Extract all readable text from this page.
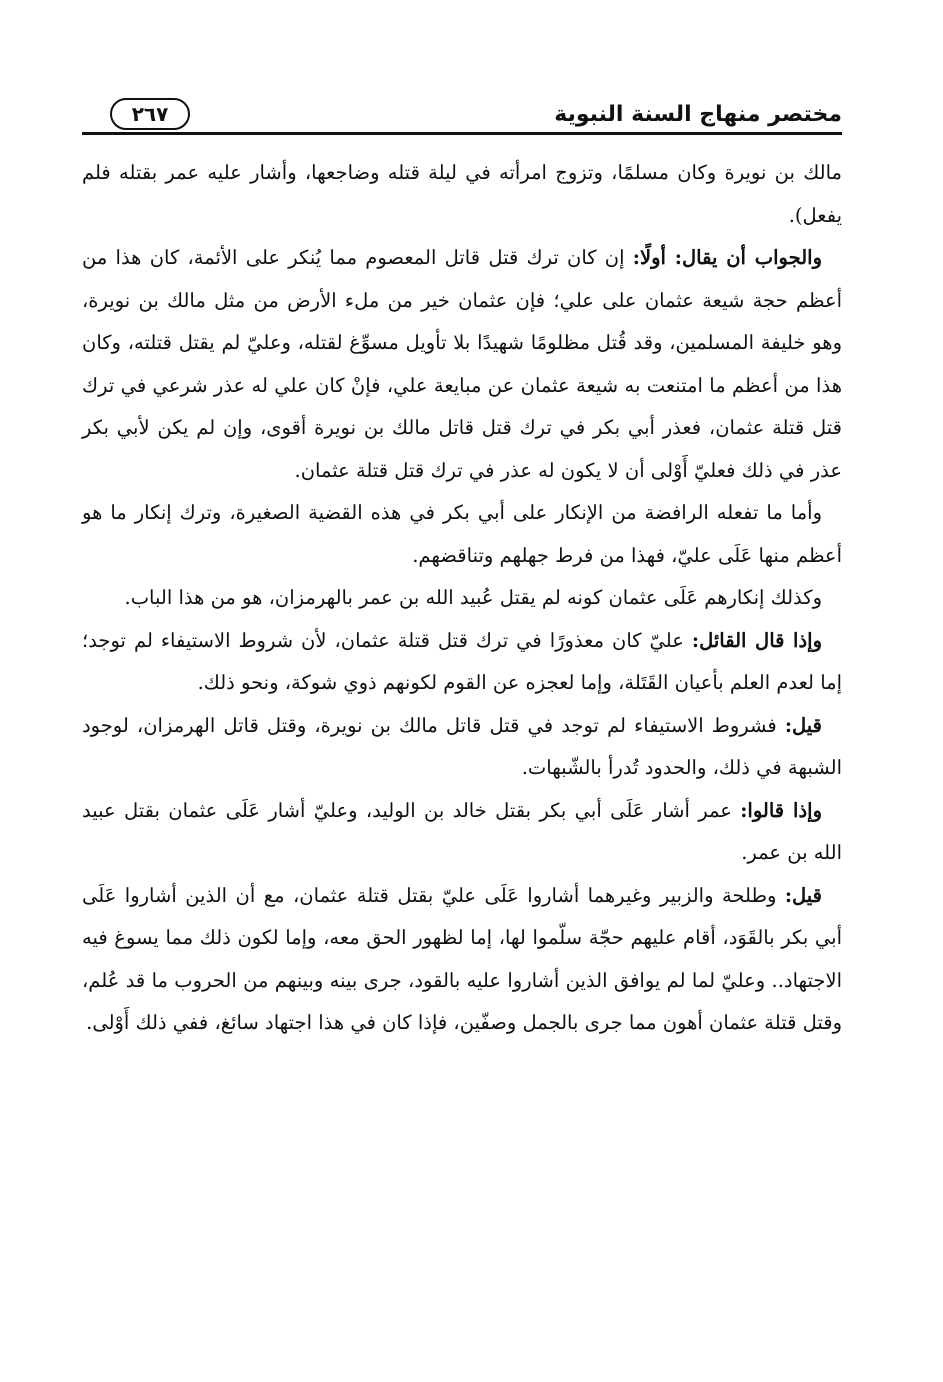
٢٦٧	مختصر منهاج السنة النبوية

مالك بن نويرة وكان مسلمًا، وتزوج امرأته في ليلة قتله وضاجعها، وأشار عليه عمر بقتله فلم يفعل).

والجواب أن يقال: أولًا: إن كان ترك قتل قاتل المعصوم مما يُنكر على الأئمة، كان هذا من أعظم حجة شيعة عثمان على علي؛ فإن عثمان خير من ملء الأرض من مثل مالك بن نويرة، وهو خليفة المسلمين، وقد قُتل مظلومًا شهيدًا بلا تأويل مسوِّغ لقتله، وعليّ لم يقتل قتلته، وكان هذا من أعظم ما امتنعت به شيعة عثمان عن مبايعة علي، فإنْ كان علي له عذر شرعي في ترك قتل قتلة عثمان، فعذر أبي بكر في ترك قتل قاتل مالك بن نويرة أقوى، وإن لم يكن لأبي بكر عذر في ذلك فعليّ أَوْلى أن لا يكون له عذر في ترك قتل قتلة عثمان.

وأما ما تفعله الرافضة من الإنكار على أبي بكر في هذه القضية الصغيرة، وترك إنكار ما هو أعظم منها عَلَى عليّ، فهذا من فرط جهلهم وتناقضهم.

وكذلك إنكارهم عَلَى عثمان كونه لم يقتل عُبيد الله بن عمر بالهرمزان، هو من هذا الباب.

وإذا قال القائل: عليّ كان معذورًا في ترك قتل قتلة عثمان، لأن شروط الاستيفاء لم توجد؛ إما لعدم العلم بأعيان القَتَلة، وإما لعجزه عن القوم لكونهم ذوي شوكة، ونحو ذلك.

قيل: فشروط الاستيفاء لم توجد في قتل قاتل مالك بن نويرة، وقتل قاتل الهرمزان، لوجود الشبهة في ذلك، والحدود تُدرأ بالشّبهات.

وإذا قالوا: عمر أشار عَلَى أبي بكر بقتل خالد بن الوليد، وعليّ أشار عَلَى عثمان بقتل عبيد الله بن عمر.

قيل: وطلحة والزبير وغيرهما أشاروا عَلَى عليّ بقتل قتلة عثمان، مع أن الذين أشاروا عَلَى أبي بكر بالقَوَد، أقام عليهم حجّة سلّموا لها، إما لظهور الحق معه، وإما لكون ذلك مما يسوغ فيه الاجتهاد.. وعليّ لما لم يوافق الذين أشاروا عليه بالقود، جرى بينه وبينهم من الحروب ما قد عُلم، وقتل قتلة عثمان أهون مما جرى بالجمل وصفّين، فإذا كان في هذا اجتهاد سائغ، ففي ذلك أَوْلى.
